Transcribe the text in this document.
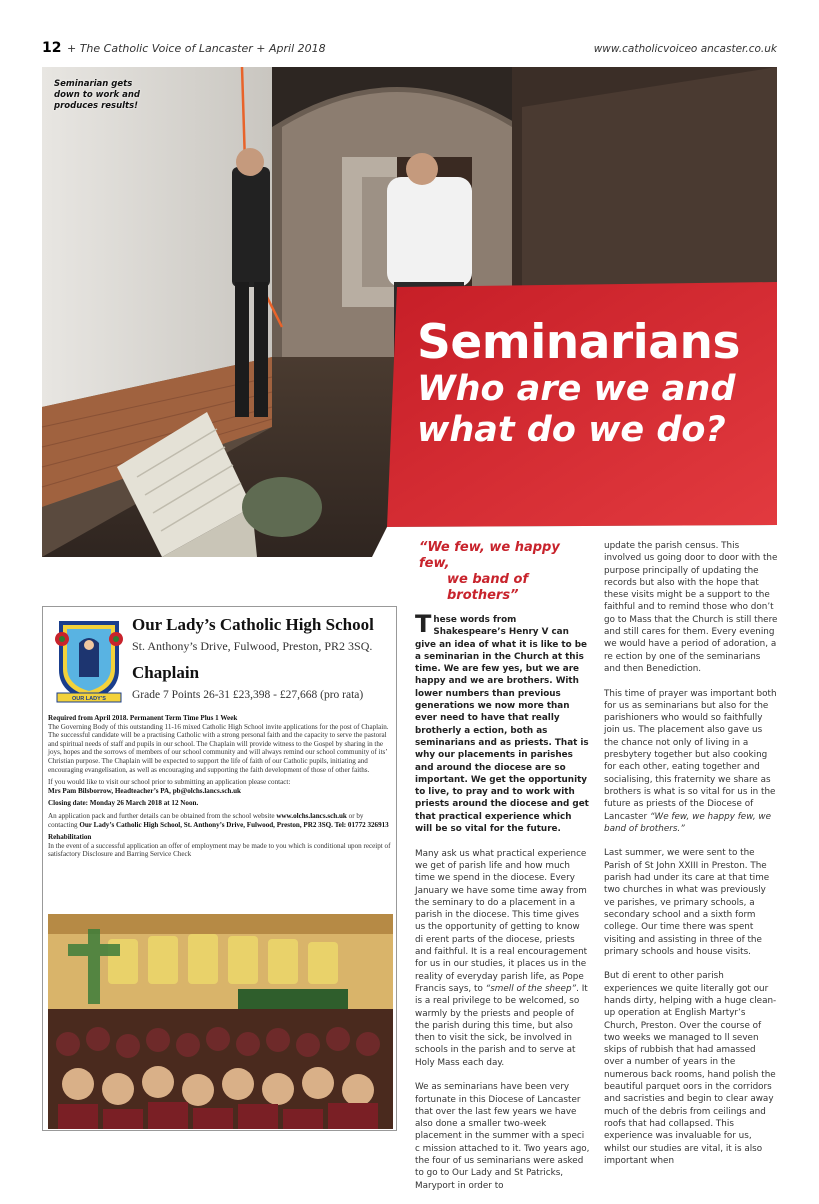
12 + The Catholic Voice of Lancaster + April 2018	www.catholicvoiceo ancaster.co.uk
Seminarian gets down to work and produces results!
Seminarians
Who are we and
what do we do?
OUR LADY’S
Our Lady’s Catholic High School
St. Anthony’s Drive, Fulwood, Preston, PR2 3SQ.
Chaplain
Grade 7 Points 26-31 £23,398 - £27,668 (pro rata)

Required from April 2018. Permanent Term Time Plus 1 Week
The Governing Body of this outstanding 11-16 mixed Catholic High School invite applications for the post of Chaplain. The successful candidate will be a practising Catholic with a strong personal faith and the capacity to serve the pastoral and spiritual needs of staff and pupils in our school. The Chaplain will provide witness to the Gospel by sharing in the joys, hopes and the sorrows of members of our school community and will always remind our school community of its’ Christian purpose. The Chaplain will be expected to support the life of faith of our Catholic pupils, initiating and encouraging evangelisation, as well as encouraging and supporting the faith development of those of other faiths.

If you would like to visit our school prior to submitting an application please contact:
Mrs Pam Bilsborrow, Headteacher’s PA, pb@olchs.lancs.sch.uk

Closing date: Monday 26 March 2018 at 12 Noon.

An application pack and further details can be obtained from the school website www.olchs.lancs.sch.uk or by contacting Our Lady’s Catholic High School, St. Anthony’s Drive, Fulwood, Preston, PR2 3SQ. Tel: 01772 326913

Rehabilitation
In the event of a successful application an offer of employment may be made to you which is conditional upon receipt of satisfactory Disclosure and Barring Service Check

“We few, we happy few,
we band of brothers”

These words from Shakespeare’s Henry V can give an idea of what it is like to be a seminarian in the Church at this time. We are few yes, but we are happy and we are brothers. With lower numbers than previous generations we now more than ever need to have that really brotherly a ection, both as seminarians and as priests. That is why our placements in parishes and around the diocese are so important. We get the opportunity to live, to pray and to work with priests around the diocese and get that practical experience which will be so vital for the future.

Many ask us what practical experience we get of parish life and how much time we spend in the diocese. Every January we have some time away from the seminary to do a placement in a parish in the diocese. This time gives us the opportunity of getting to know di erent parts of the diocese, priests and faithful. It is a real encouragement for us in our studies, it places us in the reality of everyday parish life, as Pope Francis says, to “smell of the sheep”. It is a real privilege to be welcomed, so warmly by the priests and people of the parish during this time, but also then to visit the sick, be involved in schools in the parish and to serve at Holy Mass each day.

We as seminarians have been very fortunate in this Diocese of Lancaster that over the last few years we have also done a smaller two-week placement in the summer with a speci c mission attached to it. Two years ago, the four of us seminarians were asked to go to Our Lady and St Patricks, Maryport in order to

update the parish census. This involved us going door to door with the purpose principally of updating the records but also with the hope that these visits might be a support to the faithful and to remind those who don’t go to Mass that the Church is still there and still cares for them. Every evening we would have a period of adoration, a re ection by one of the seminarians and then Benediction.

This time of prayer was important both for us as seminarians but also for the parishioners who would so faithfully join us. The placement also gave us the chance not only of living in a presbytery together but also cooking for each other, eating together and socialising, this fraternity we share as brothers is what is so vital for us in the future as priests of the Diocese of Lancaster “We few, we happy few, we band of brothers.”

Last summer, we were sent to the Parish of St John XXIII in Preston. The parish had under its care at that time two churches in what was previously ve parishes, ve primary schools, a secondary school and a sixth form college. Our time there was spent visiting and assisting in three of the primary schools and house visits.

But di erent to other parish experiences we quite literally got our hands dirty, helping with a huge clean-up operation at English Martyr’s Church, Preston. Over the course of two weeks we managed to ll seven skips of rubbish that had amassed over a number of years in the numerous back rooms, hand polish the beautiful parquet oors in the corridors and sacristies and begin to clear away much of the debris from ceilings and roofs that had collapsed. This experience was invaluable for us, whilst our studies are vital, it is also important when
